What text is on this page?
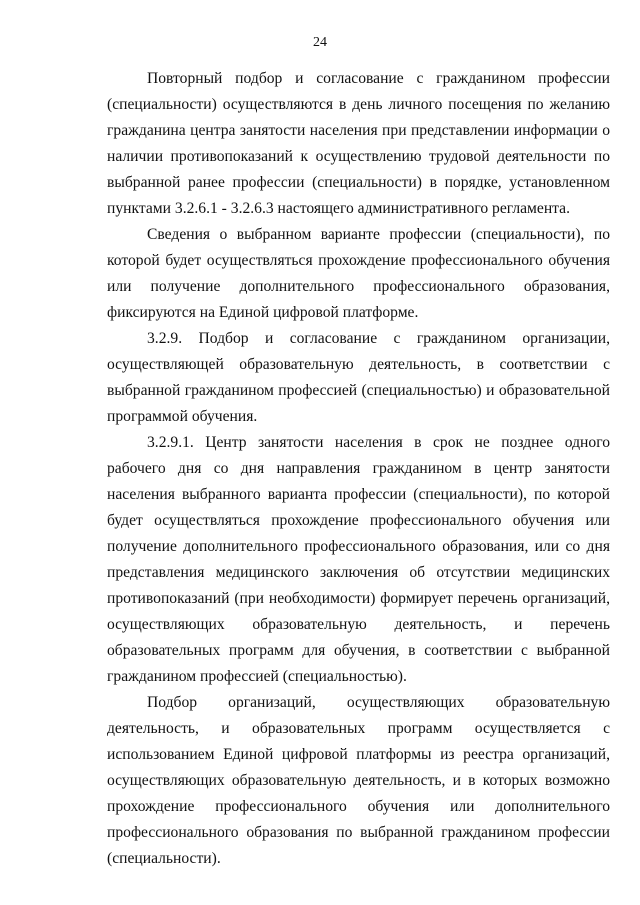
24

Повторный подбор и согласование с гражданином профессии (специальности) осуществляются в день личного посещения по желанию гражданина центра занятости населения при представлении информации о наличии противопоказаний к осуществлению трудовой деятельности по выбранной ранее профессии (специальности) в порядке, установленном пунктами 3.2.6.1 - 3.2.6.3 настоящего административного регламента.

Сведения о выбранном варианте профессии (специальности), по которой будет осуществляться прохождение профессионального обучения или получение дополнительного профессионального образования, фиксируются на Единой цифровой платформе.

3.2.9. Подбор и согласование с гражданином организации, осуществляющей образовательную деятельность, в соответствии с выбранной гражданином профессией (специальностью) и образовательной программой обучения.

3.2.9.1. Центр занятости населения в срок не позднее одного рабочего дня со дня направления гражданином в центр занятости населения выбранного варианта профессии (специальности), по которой будет осуществляться прохождение профессионального обучения или получение дополнительного профессионального образования, или со дня представления медицинского заключения об отсутствии медицинских противопоказаний (при необходимости) формирует перечень организаций, осуществляющих образовательную деятельность, и перечень образовательных программ для обучения, в соответствии с выбранной гражданином профессией (специальностью).

Подбор организаций, осуществляющих образовательную деятельность, и образовательных программ осуществляется с использованием Единой цифровой платформы из реестра организаций, осуществляющих образовательную деятельность, и в которых возможно прохождение профессионального обучения или дополнительного профессионального образования по выбранной гражданином профессии (специальности).
